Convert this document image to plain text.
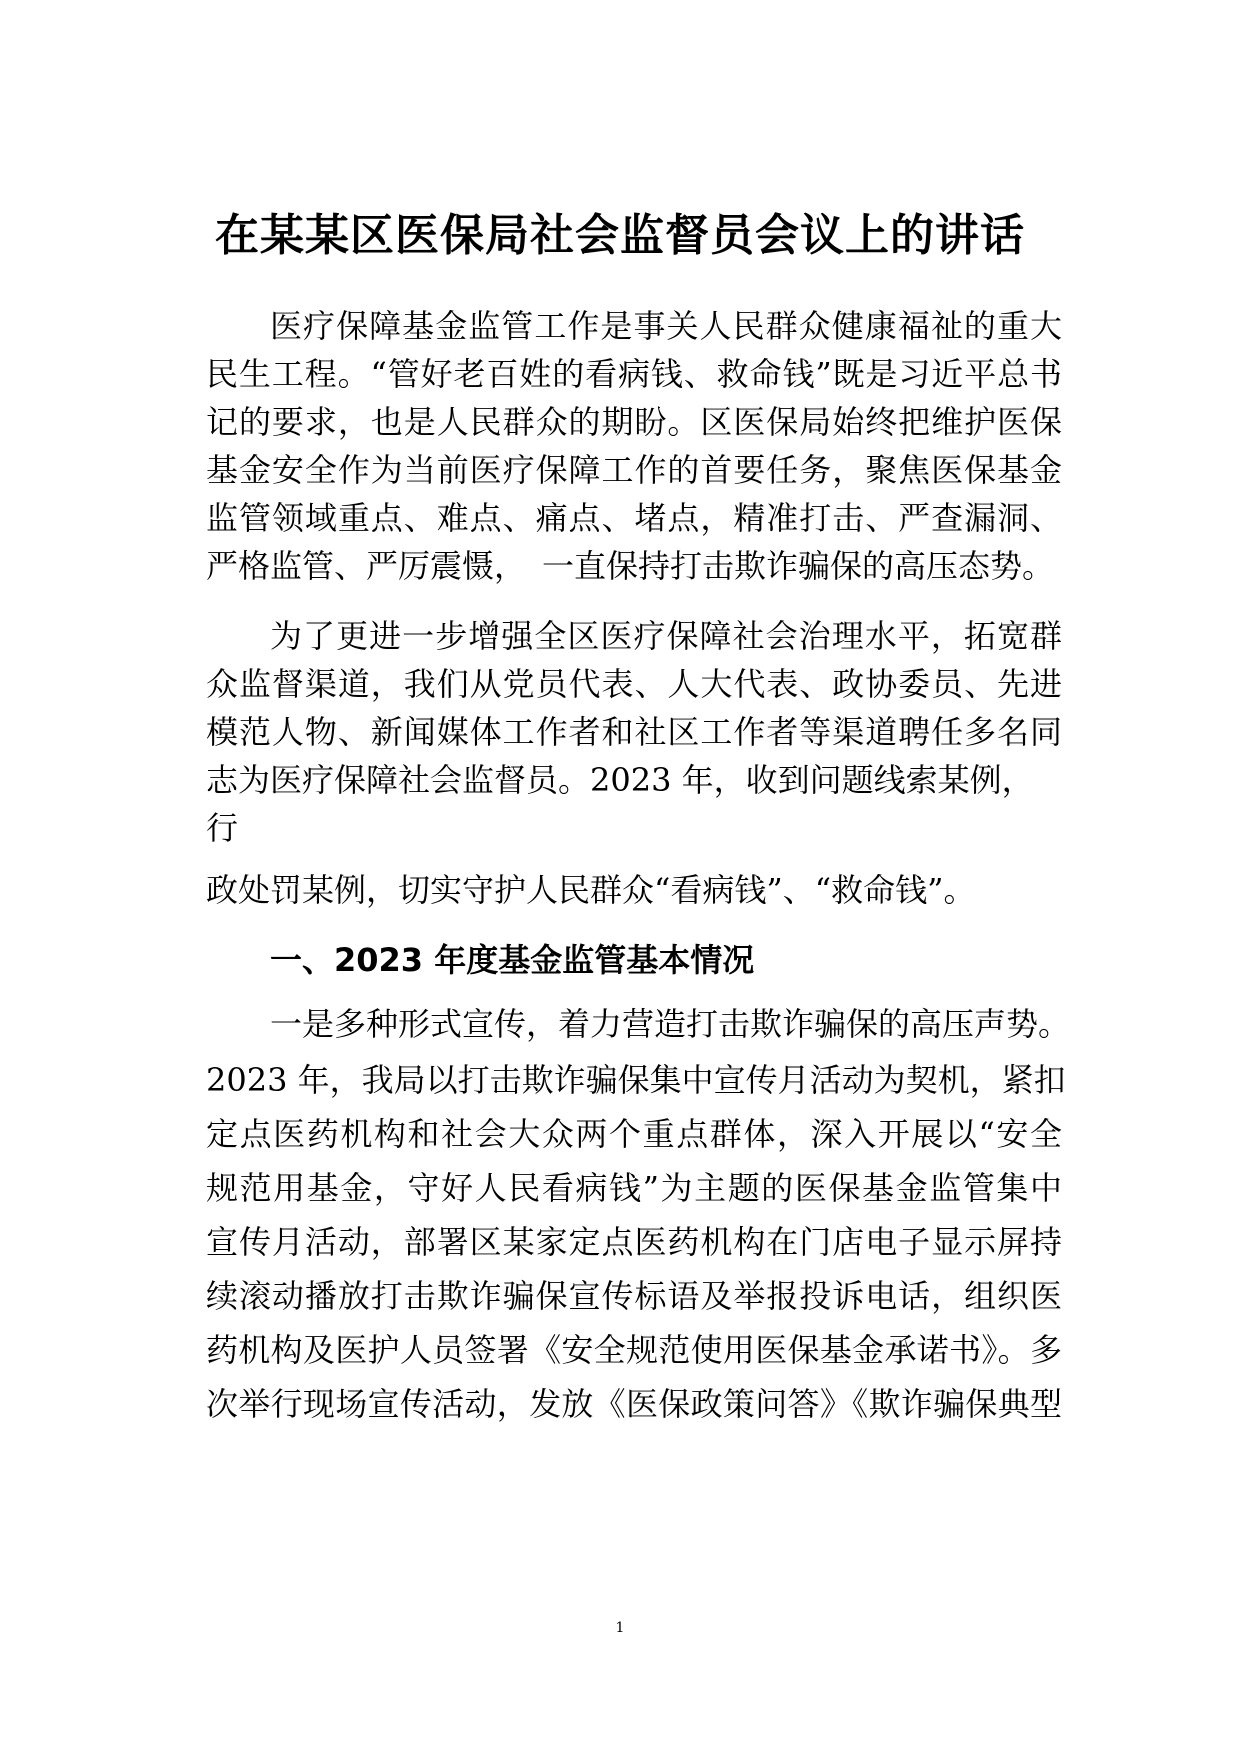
在某某区医保局社会监督员会议上的讲话
医疗保障基金监管工作是事关人民群众健康福祉的重大
民生工程。“管好老百姓的看病钱、救命钱”既是习近平总书
记的要求，也是人民群众的期盼。区医保局始终把维护医保
基金安全作为当前医疗保障工作的首要任务，聚焦医保基金
监管领域重点、难点、痛点、堵点，精准打击、严查漏洞、
严格监管、严厉震慑，　一直保持打击欺诈骗保的高压态势。
为了更进一步增强全区医疗保障社会治理水平，拓宽群
众监督渠道，我们从党员代表、人大代表、政协委员、先进
模范人物、新闻媒体工作者和社区工作者等渠道聘任多名同
志为医疗保障社会监督员。2023 年，收到问题线索某例，
行
政处罚某例，切实守护人民群众“看病钱”、“救命钱”。
一、2023 年度基金监管基本情况
一是多种形式宣传，着力营造打击欺诈骗保的高压声势。
2023 年，我局以打击欺诈骗保集中宣传月活动为契机，紧扣
定点医药机构和社会大众两个重点群体，深入开展以“安全
规范用基金，守好人民看病钱”为主题的医保基金监管集中
宣传月活动，部署区某家定点医药机构在门店电子显示屏持
续滚动播放打击欺诈骗保宣传标语及举报投诉电话，组织医
药机构及医护人员签署《安全规范使用医保基金承诺书》。多
次举行现场宣传活动，发放《医保政策问答》《欺诈骗保典型
1
